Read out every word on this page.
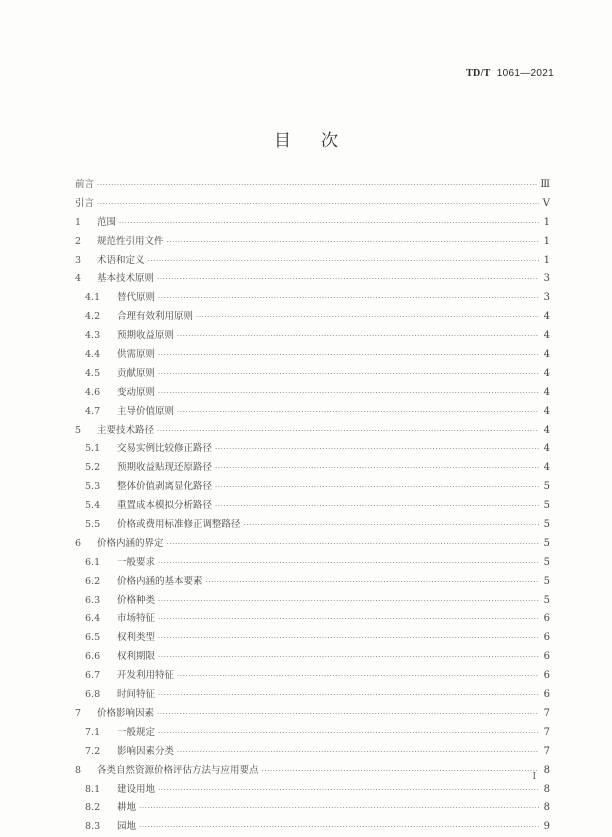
TD/T 1061—2021
目次
前言 ·····	Ⅲ
引言 ·····	Ⅴ
1	范围 ·····	1
2	规范性引用文件 ·····	1
3	术语和定义 ·····	1
4	基本技术原则 ·····	3
4.1	替代原则 ·····	3
4.2	合理有效利用原则 ·····	4
4.3	预期收益原则 ·····	4
4.4	供需原则 ·····	4
4.5	贡献原则 ·····	4
4.6	变动原则 ·····	4
4.7	主导价值原则 ·····	4
5	主要技术路径 ·····	4
5.1	交易实例比较修正路径 ·····	4
5.2	预期收益贴现还原路径 ·····	4
5.3	整体价值剥离显化路径 ·····	5
5.4	重置成本模拟分析路径 ·····	5
5.5	价格或费用标准修正调整路径 ·····	5
6	价格内涵的界定 ·····	5
6.1	一般要求 ·····	5
6.2	价格内涵的基本要素 ·····	5
6.3	价格种类 ·····	5
6.4	市场特征 ·····	6
6.5	权利类型 ·····	6
6.6	权利期限 ·····	6
6.7	开发利用特征 ·····	6
6.8	时间特征 ·····	6
7	价格影响因素 ·····	7
7.1	一般规定 ·····	7
7.2	影响因素分类 ·····	7
8	各类自然资源价格评估方法与应用要点 ·····	8
8.1	建设用地 ·····	8
8.2	耕地 ·····	8
8.3	园地 ·····	9
I
